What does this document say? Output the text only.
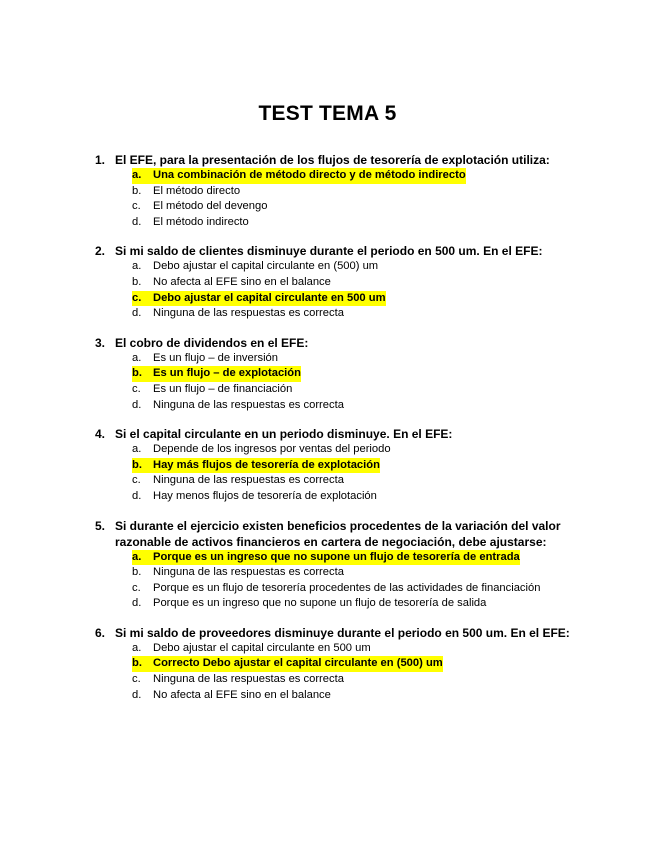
TEST TEMA 5
1. El EFE, para la presentación de los flujos de tesorería de explotación utiliza:
a.	Una combinación de método directo y de método indirecto
b.	El método directo
c.	El método del devengo
d.	El método indirecto
2. Si mi saldo de clientes disminuye durante el periodo en 500 um. En el EFE:
a.	Debo ajustar el capital circulante en (500) um
b.	No afecta al EFE sino en el balance
c.	Debo ajustar el capital circulante en 500 um
d.	Ninguna de las respuestas es correcta
3. El cobro de dividendos en el EFE:
a.	Es un flujo – de inversión
b. Es un flujo – de explotación
c.	Es un flujo – de financiación
d.	Ninguna de las respuestas es correcta
4. Si el capital circulante en un periodo disminuye. En el EFE:
a.	Depende de los ingresos por ventas del periodo
b. Hay más flujos de tesorería de explotación
c.	Ninguna de las respuestas es correcta
d.	Hay menos flujos de tesorería de explotación
5. Si durante el ejercicio existen beneficios procedentes de la variación del valor razonable de activos financieros en cartera de negociación, debe ajustarse:
a.	Porque es un ingreso que no supone un flujo de tesorería de entrada
b.	Ninguna de las respuestas es correcta
c.	Porque es un flujo de tesorería procedentes de las actividades de financiación
d.	Porque es un ingreso que no supone un flujo de tesorería de salida
6. Si mi saldo de proveedores disminuye durante el periodo en 500 um. En el EFE:
a.	Debo ajustar el capital circulante en 500 um
b. Correcto Debo ajustar el capital circulante en (500) um
c.	Ninguna de las respuestas es correcta
d.	No afecta al EFE sino en el balance
